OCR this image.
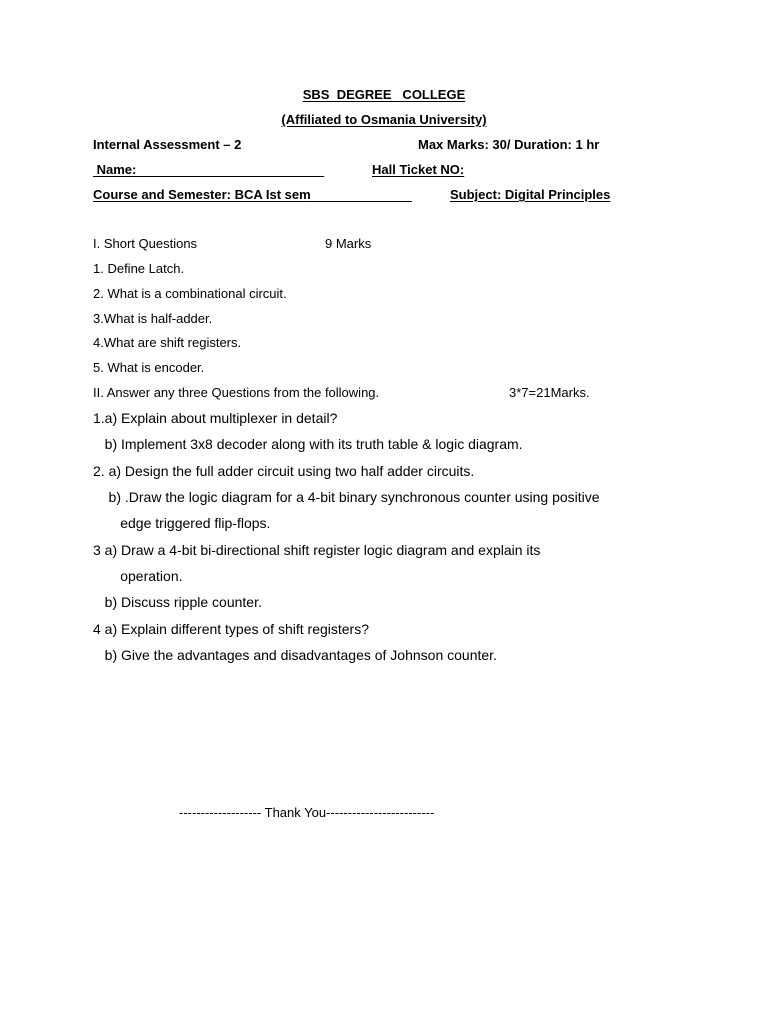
SBS  DEGREE   COLLEGE
(Affiliated to Osmania University)
Internal Assessment – 2	Max Marks: 30/ Duration: 1 hr
Name:	Hall Ticket NO:
Course and Semester: BCA Ist sem	Subject: Digital Principles
I. Short Questions	9 Marks
1. Define Latch.
2. What is a combinational circuit.
3.What is half-adder.
4.What are shift registers.
5. What is encoder.
II. Answer any three Questions from the following.	3*7=21Marks.
1.a) Explain about multiplexer in detail?
b) Implement 3x8 decoder along with its truth table & logic diagram.
2. a) Design the full adder circuit using two half adder circuits.
b) .Draw the logic diagram for a 4-bit binary synchronous counter using positive
edge triggered flip-flops.
3 a) Draw a 4-bit bi-directional shift register logic diagram and explain its
operation.
b) Discuss ripple counter.
4 a) Explain different types of shift registers?
b) Give the advantages and disadvantages of Johnson counter.
------------------- Thank You-------------------------
